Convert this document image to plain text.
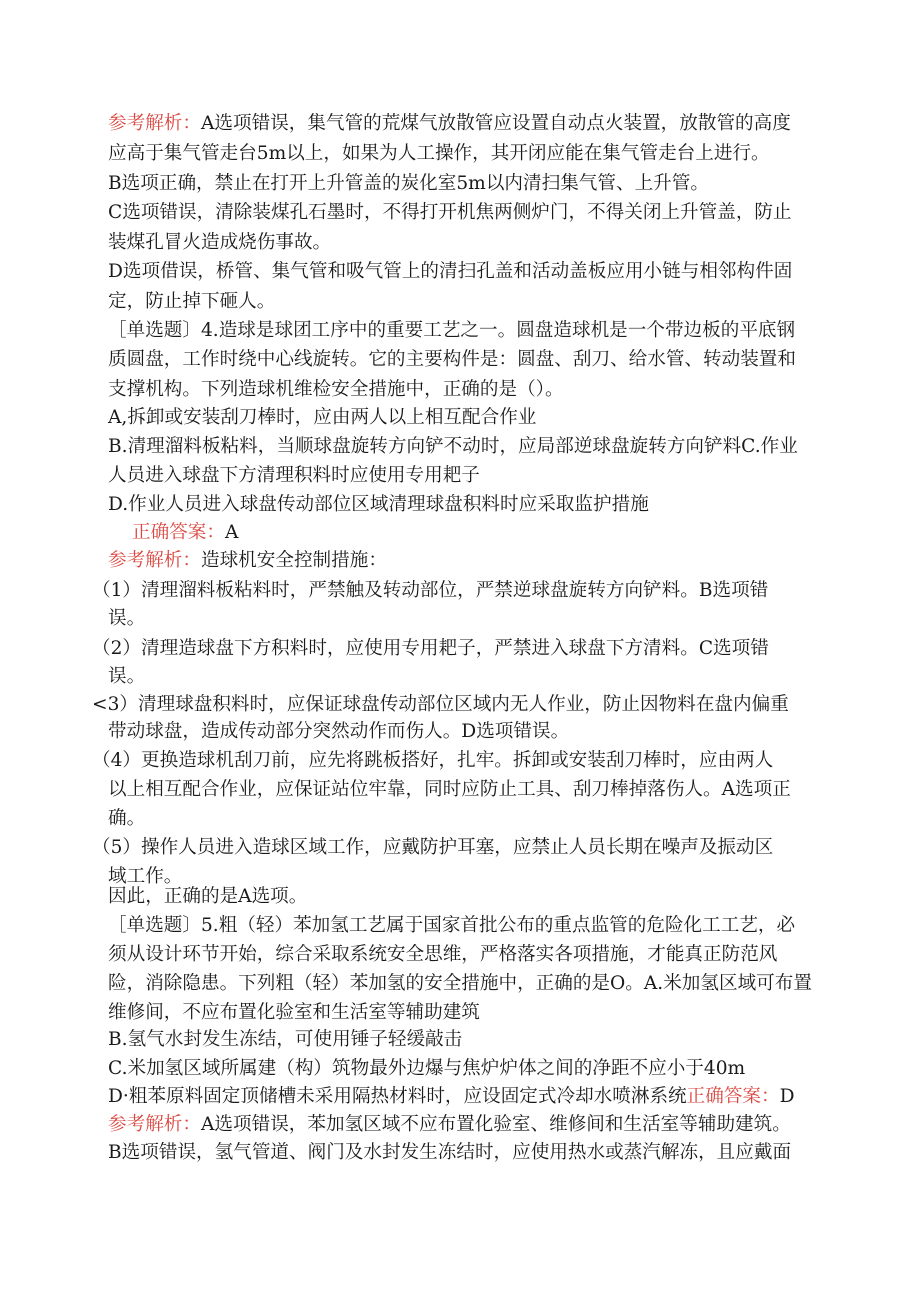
参考解析：A选项错误，集气管的荒煤气放散管应设置自动点火装置，放散管的高度
应高于集气管走台5m以上，如果为人工操作，其开闭应能在集气管走台上进行。
B选项正确，禁止在打开上升管盖的炭化室5m以内清扫集气管、上升管。
C选项错误，清除装煤孔石墨时，不得打开机焦两侧炉门，不得关闭上升管盖，防止
装煤孔冒火造成烧伤事故。
D选项借误，桥管、集气管和吸气管上的清扫孔盖和活动盖板应用小链与相邻构件固
定，防止掉下砸人。
［单选题〕4.造球是球团工序中的重要工艺之一。圆盘造球机是一个带边板的平底钢
质圆盘，工作时绕中心线旋转。它的主要构件是：圆盘、刮刀、给水管、转动装置和
支撑机构。下列造球机维检安全措施中，正确的是（）。
A,拆卸或安装刮刀棒时，应由两人以上相互配合作业
B.清理溜料板粘料，当顺球盘旋转方向铲不动时，应局部逆球盘旋转方向铲料C.作业
人员进入球盘下方清理积料时应使用专用耙子
D.作业人员进入球盘传动部位区域清理球盘积料时应采取监护措施
正确答案：A
参考解析：造球机安全控制措施：
（1）清理溜料板粘料时，严禁触及转动部位，严禁逆球盘旋转方向铲料。B选项错
误。
（2）清理造球盘下方积料时，应使用专用耙子，严禁进入球盘下方清料。C选项错
误。
<3）清理球盘积料时，应保证球盘传动部位区域内无人作业，防止因物料在盘内偏重
带动球盘，造成传动部分突然动作而伤人。D选项错误。
（4）更换造球机刮刀前，应先将跳板搭好，扎牢。拆卸或安装刮刀棒时，应由两人
以上相互配合作业，应保证站位牢靠，同时应防止工具、刮刀棒掉落伤人。A选项正
确。
（5）操作人员进入造球区域工作，应戴防护耳塞，应禁止人员长期在噪声及振动区
域工作。
因此，正确的是A选项。
［单选题〕5.粗（轻）苯加氢工艺属于国家首批公布的重点监管的危险化工工艺，必
须从设计环节开始，综合采取系统安全思维，严格落实各项措施，才能真正防范风
险，消除隐患。下列粗（轻）苯加氢的安全措施中，正确的是O。A.米加氢区域可布置
维修间，不应布置化验室和生活室等辅助建筑
B.氢气水封发生冻结，可使用锤子轻缓敲击
C.米加氢区域所属建（构）筑物最外边爆与焦炉炉体之间的净距不应小于40m
D·粗苯原料固定顶储槽未采用隔热材料时，应设固定式冷却水喷淋系统正确答案：D
参考解析：A选项错误，苯加氢区域不应布置化验室、维修间和生活室等辅助建筑。
B选项错误，氢气管道、阀门及水封发生冻结时，应使用热水或蒸汽解冻，且应戴面
